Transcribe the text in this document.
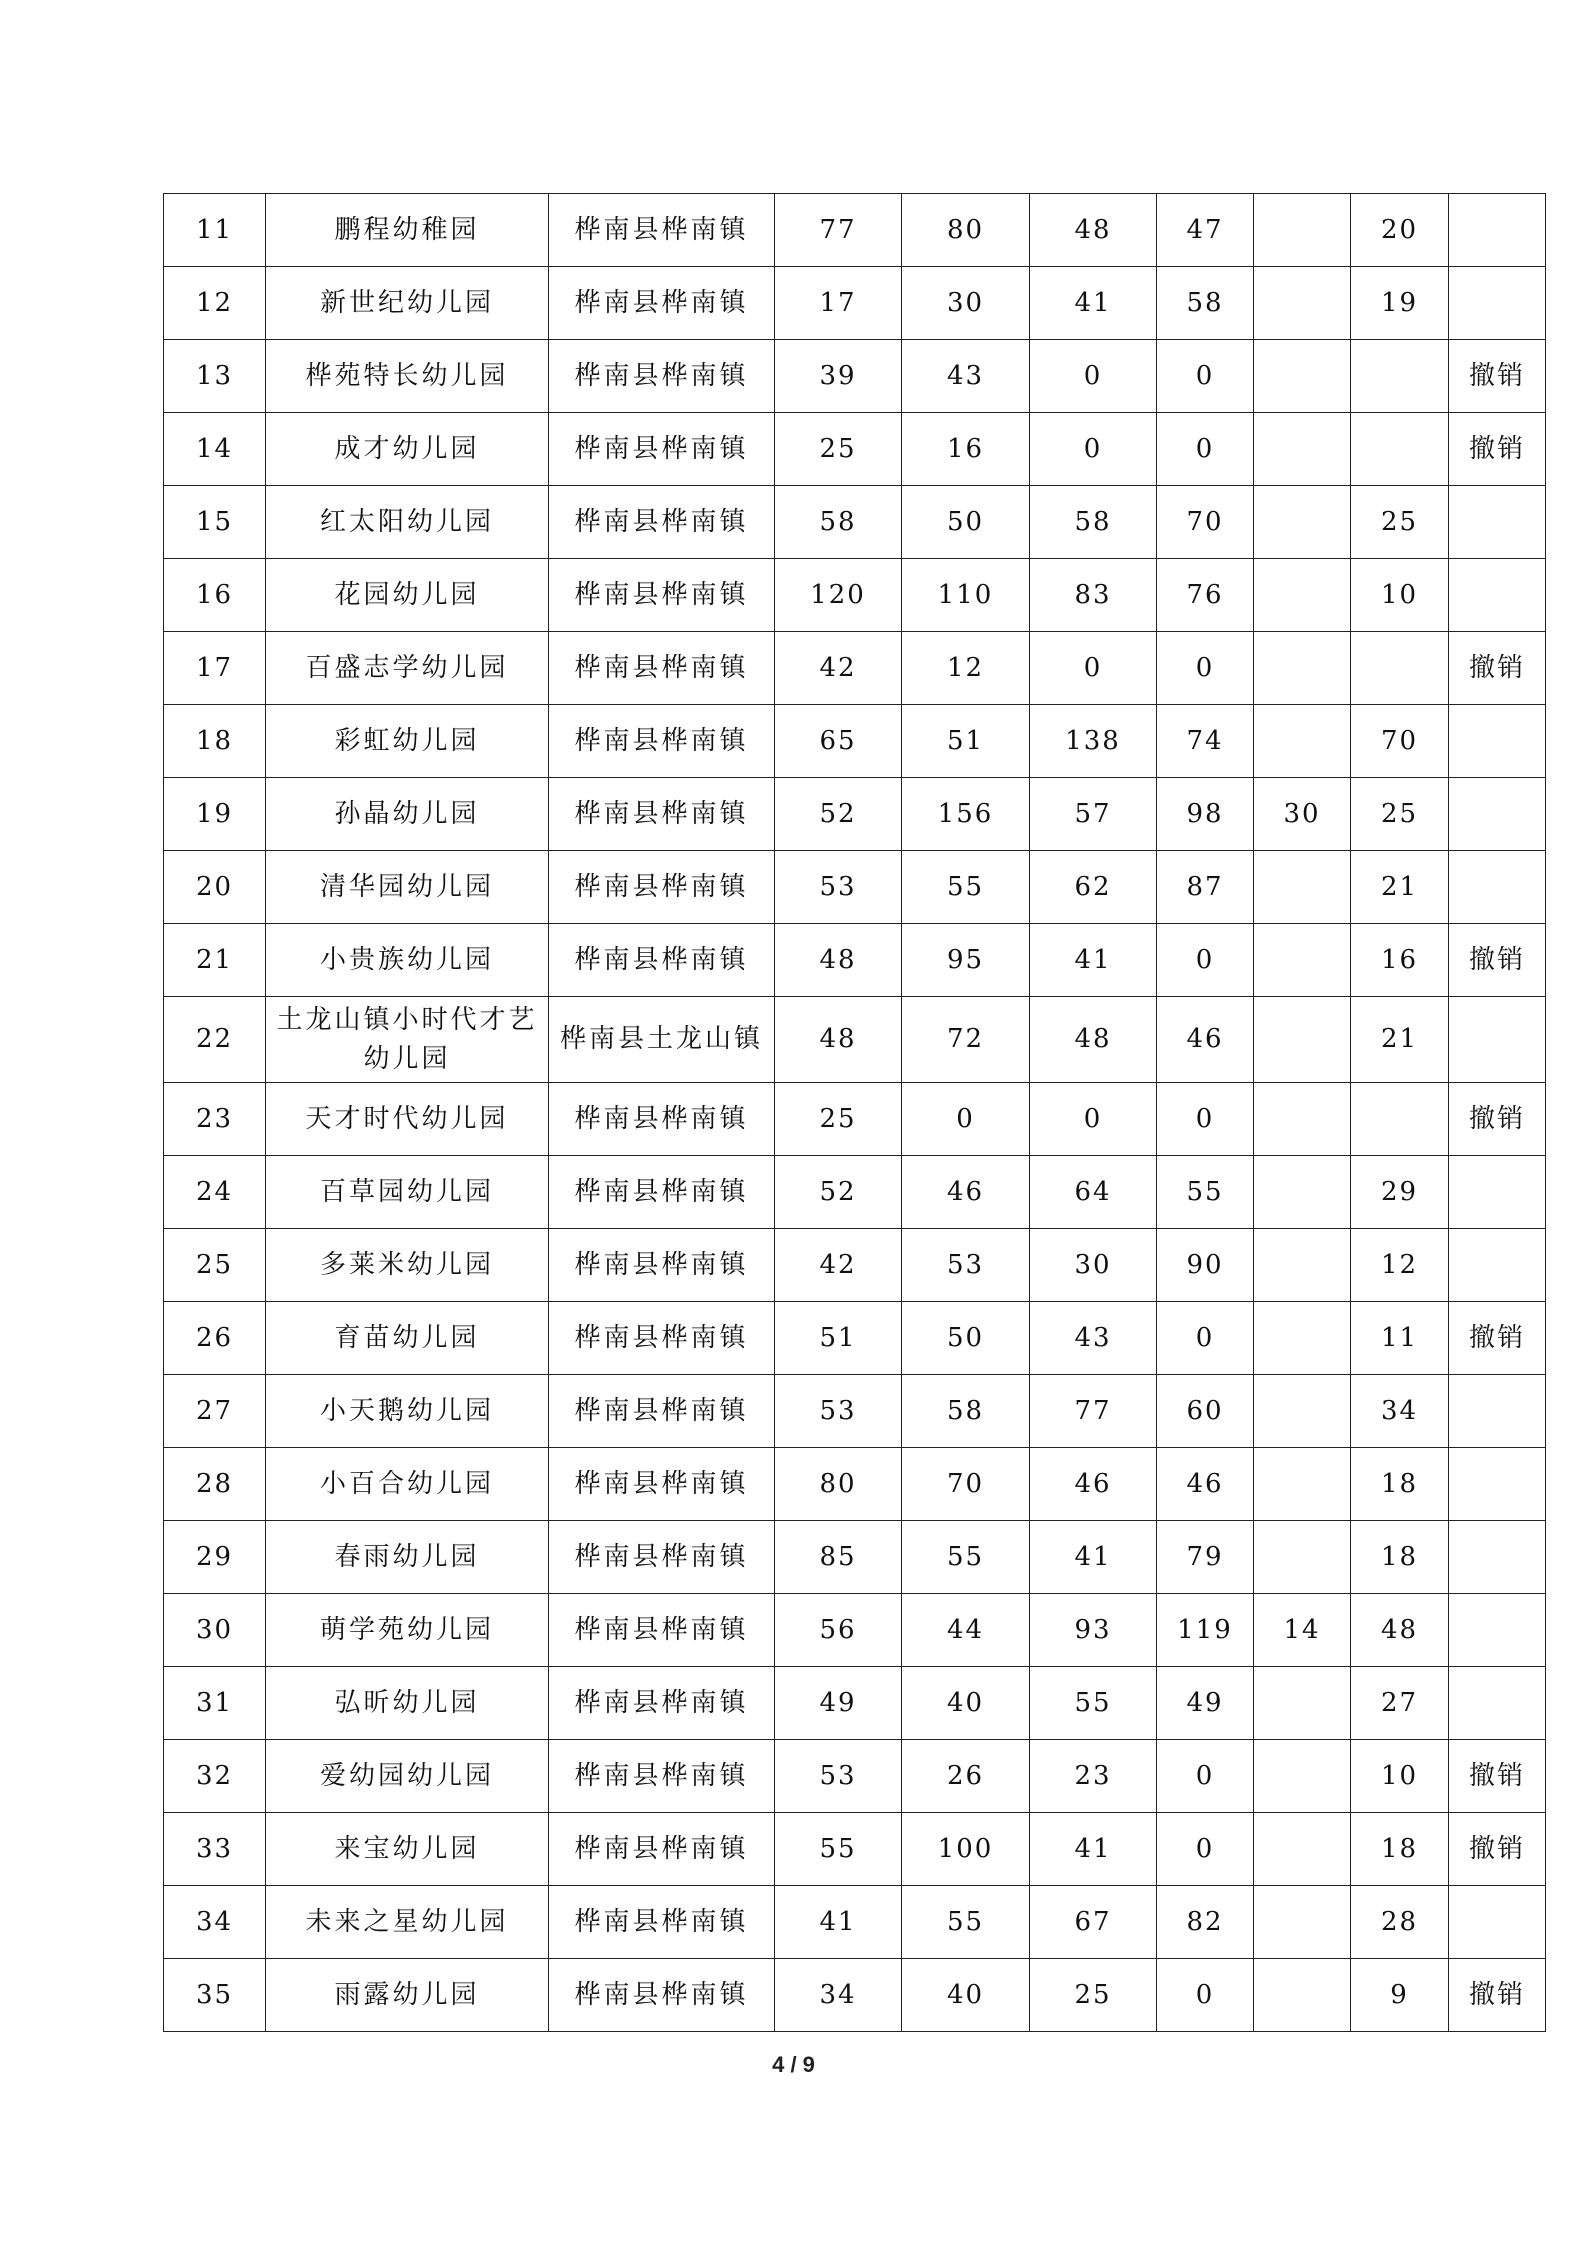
11	鹏程幼稚园	桦南县桦南镇	77	80	48	47		20	
12	新世纪幼儿园	桦南县桦南镇	17	30	41	58		19	
13	桦苑特长幼儿园	桦南县桦南镇	39	43	0	0			撤销
14	成才幼儿园	桦南县桦南镇	25	16	0	0			撤销
15	红太阳幼儿园	桦南县桦南镇	58	50	58	70		25	
16	花园幼儿园	桦南县桦南镇	120	110	83	76		10	
17	百盛志学幼儿园	桦南县桦南镇	42	12	0	0			撤销
18	彩虹幼儿园	桦南县桦南镇	65	51	138	74		70	
19	孙晶幼儿园	桦南县桦南镇	52	156	57	98	30	25	
20	清华园幼儿园	桦南县桦南镇	53	55	62	87		21	
21	小贵族幼儿园	桦南县桦南镇	48	95	41	0		16	撤销
22	土龙山镇小时代才艺幼儿园	桦南县土龙山镇	48	72	48	46		21	
23	天才时代幼儿园	桦南县桦南镇	25	0	0	0			撤销
24	百草园幼儿园	桦南县桦南镇	52	46	64	55		29	
25	多莱米幼儿园	桦南县桦南镇	42	53	30	90		12	
26	育苗幼儿园	桦南县桦南镇	51	50	43	0		11	撤销
27	小天鹅幼儿园	桦南县桦南镇	53	58	77	60		34	
28	小百合幼儿园	桦南县桦南镇	80	70	46	46		18	
29	春雨幼儿园	桦南县桦南镇	85	55	41	79		18	
30	萌学苑幼儿园	桦南县桦南镇	56	44	93	119	14	48	
31	弘昕幼儿园	桦南县桦南镇	49	40	55	49		27	
32	爱幼园幼儿园	桦南县桦南镇	53	26	23	0		10	撤销
33	来宝幼儿园	桦南县桦南镇	55	100	41	0		18	撤销
34	未来之星幼儿园	桦南县桦南镇	41	55	67	82		28	
35	雨露幼儿园	桦南县桦南镇	34	40	25	0		9	撤销
4 / 9
